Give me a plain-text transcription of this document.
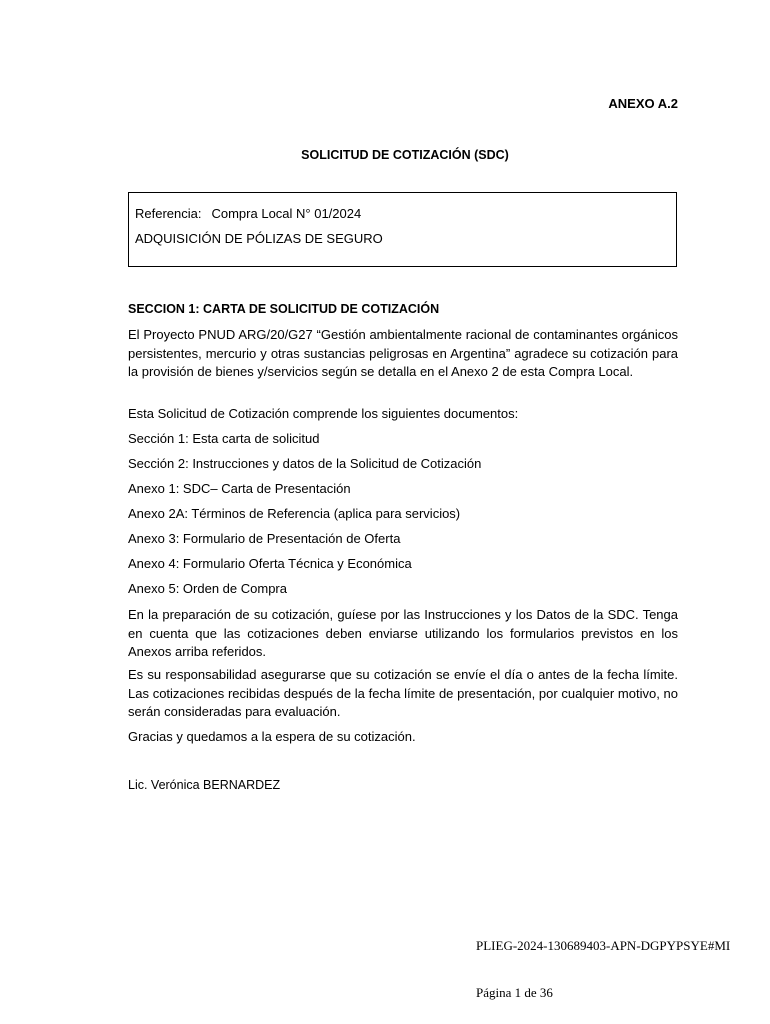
ANEXO A.2
SOLICITUD DE COTIZACIÓN (SDC)
Referencia: Compra Local N° 01/2024
ADQUISICIÓN DE PÓLIZAS DE SEGURO
SECCION 1: CARTA DE SOLICITUD DE COTIZACIÓN
El Proyecto PNUD ARG/20/G27 “Gestión ambientalmente racional de contaminantes orgánicos persistentes, mercurio y otras sustancias peligrosas en Argentina” agradece su cotización para la provisión de bienes y/servicios según se detalla en el Anexo 2 de esta Compra Local.
Esta Solicitud de Cotización comprende los siguientes documentos:
Sección 1: Esta carta de solicitud
Sección 2: Instrucciones y datos de la Solicitud de Cotización
Anexo 1: SDC– Carta de Presentación
Anexo 2A: Términos de Referencia (aplica para servicios)
Anexo 3: Formulario de Presentación de Oferta
Anexo 4: Formulario Oferta Técnica y Económica
Anexo 5: Orden de Compra
En la preparación de su cotización, guíese por las Instrucciones y los Datos de la SDC. Tenga en cuenta que las cotizaciones deben enviarse utilizando los formularios previstos en los Anexos arriba referidos.
Es su responsabilidad asegurarse que su cotización se envíe el día o antes de la fecha límite. Las cotizaciones recibidas después de la fecha límite de presentación, por cualquier motivo, no serán consideradas para evaluación.
Gracias y quedamos a la espera de su cotización.
Lic. Verónica BERNARDEZ
PLIEG-2024-130689403-APN-DGPYPSYE#MI
Página 1 de 36
